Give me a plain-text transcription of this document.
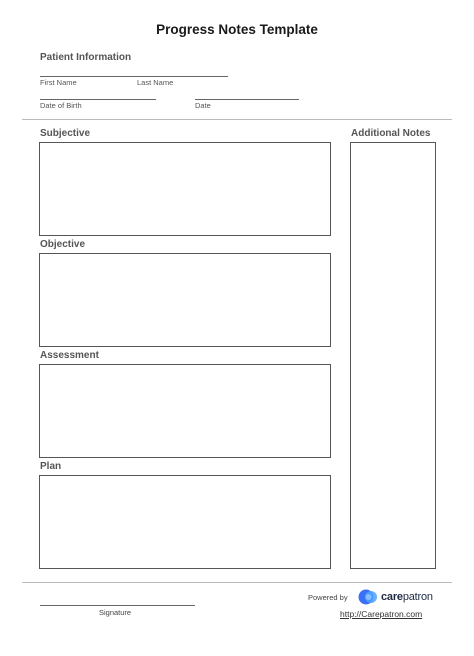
Progress Notes Template
Patient Information
First Name	Last Name
Date of Birth	Date
Subjective
Objective
Assessment
Plan
Additional Notes
Signature
Powered by	carepatron
http://Carepatron.com
